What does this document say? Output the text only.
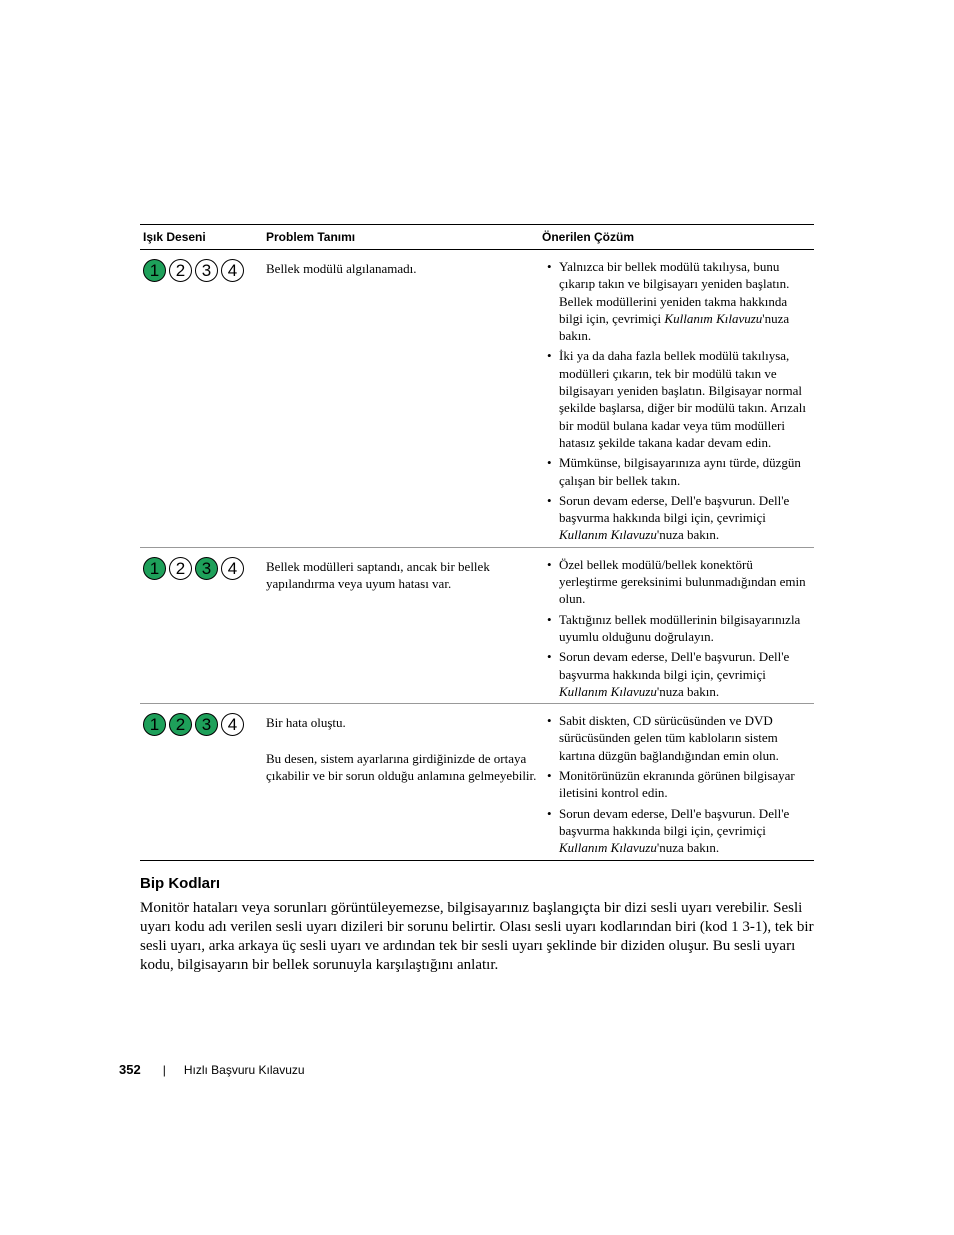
Işık Deseni	Problem Tanımı	Önerilen Çözüm
1 2 3 4	Bellek modülü algılanamadı.
•	Yalnızca bir bellek modülü takılıysa, bunu çıkarıp takın ve bilgisayarı yeniden başlatın. Bellek modüllerini yeniden takma hakkında bilgi için, çevrimiçi Kullanım Kılavuzu'nuza bakın.
• İki ya da daha fazla bellek modülü takılıysa, modülleri çıkarın, tek bir modülü takın ve bilgisayarı yeniden başlatın. Bilgisayar normal şekilde başlarsa, diğer bir modülü takın. Arızalı bir modül bulana kadar veya tüm modülleri hatasız şekilde takana kadar devam edin.
• Mümkünse, bilgisayarınıza aynı türde, düzgün çalışan bir bellek takın.
• Sorun devam ederse, Dell'e başvurun. Dell'e başvurma hakkında bilgi için, çevrimiçi Kullanım Kılavuzu'nuza bakın.
1 2 3 4	Bellek modülleri saptandı, ancak bir bellek yapılandırma veya uyum hatası var.
• Özel bellek modülü/bellek konektörü yerleştirme gereksinimi bulunmadığından emin olun.
• Taktığınız bellek modüllerinin bilgisayarınızla uyumlu olduğunu doğrulayın.
• Sorun devam ederse, Dell'e başvurun. Dell'e başvurma hakkında bilgi için, çevrimiçi Kullanım Kılavuzu'nuza bakın.
1 2 3 4	Bir hata oluştu.
Bu desen, sistem ayarlarına girdiğinizde de ortaya çıkabilir ve bir sorun olduğu anlamına gelmeyebilir.
• Sabit diskten, CD sürücüsünden ve DVD sürücüsünden gelen tüm kabloların sistem kartına düzgün bağlandığından emin olun.
• Monitörünüzün ekranında görünen bilgisayar iletisini kontrol edin.
• Sorun devam ederse, Dell'e başvurun. Dell'e başvurma hakkında bilgi için, çevrimiçi Kullanım Kılavuzu'nuza bakın.
Bip Kodları
Monitör hataları veya sorunları görüntüleyemezse, bilgisayarınız başlangıçta bir dizi sesli uyarı verebilir. Sesli uyarı kodu adı verilen sesli uyarı dizileri bir sorunu belirtir. Olası sesli uyarı kodlarından biri (kod 1 3-1), tek bir sesli uyarı, arka arkaya üç sesli uyarı ve ardından tek bir sesli uyarı şeklinde bir diziden oluşur. Bu sesli uyarı kodu, bilgisayarın bir bellek sorunuyla karşılaştığını anlatır.
352 | Hızlı Başvuru Kılavuzu
